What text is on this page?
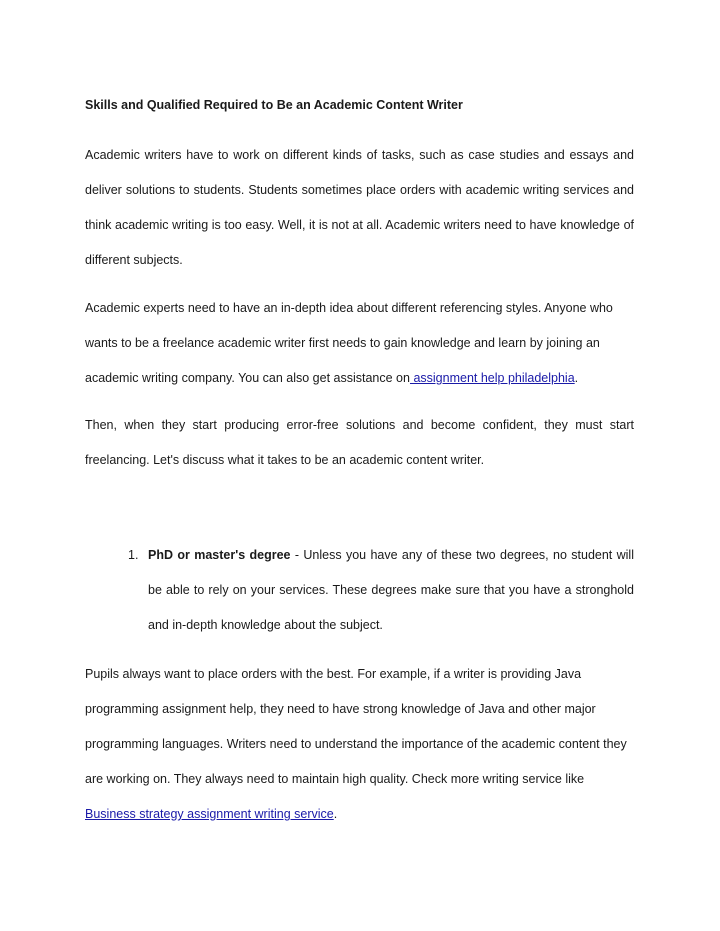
Skills and Qualified Required to Be an Academic Content Writer

Academic writers have to work on different kinds of tasks, such as case studies and essays and deliver solutions to students. Students sometimes place orders with academic writing services and think academic writing is too easy. Well, it is not at all. Academic writers need to have knowledge of different subjects.

Academic experts need to have an in-depth idea about different referencing styles. Anyone who wants to be a freelance academic writer first needs to gain knowledge and learn by joining an academic writing company. You can also get assistance on assignment help philadelphia.

Then, when they start producing error-free solutions and become confident, they must start freelancing. Let's discuss what it takes to be an academic content writer.

1. PhD or master's degree - Unless you have any of these two degrees, no student will be able to rely on your services. These degrees make sure that you have a stronghold and in-depth knowledge about the subject.

Pupils always want to place orders with the best. For example, if a writer is providing Java programming assignment help, they need to have strong knowledge of Java and other major programming languages. Writers need to understand the importance of the academic content they are working on. They always need to maintain high quality. Check more writing service like
Business strategy assignment writing service.
